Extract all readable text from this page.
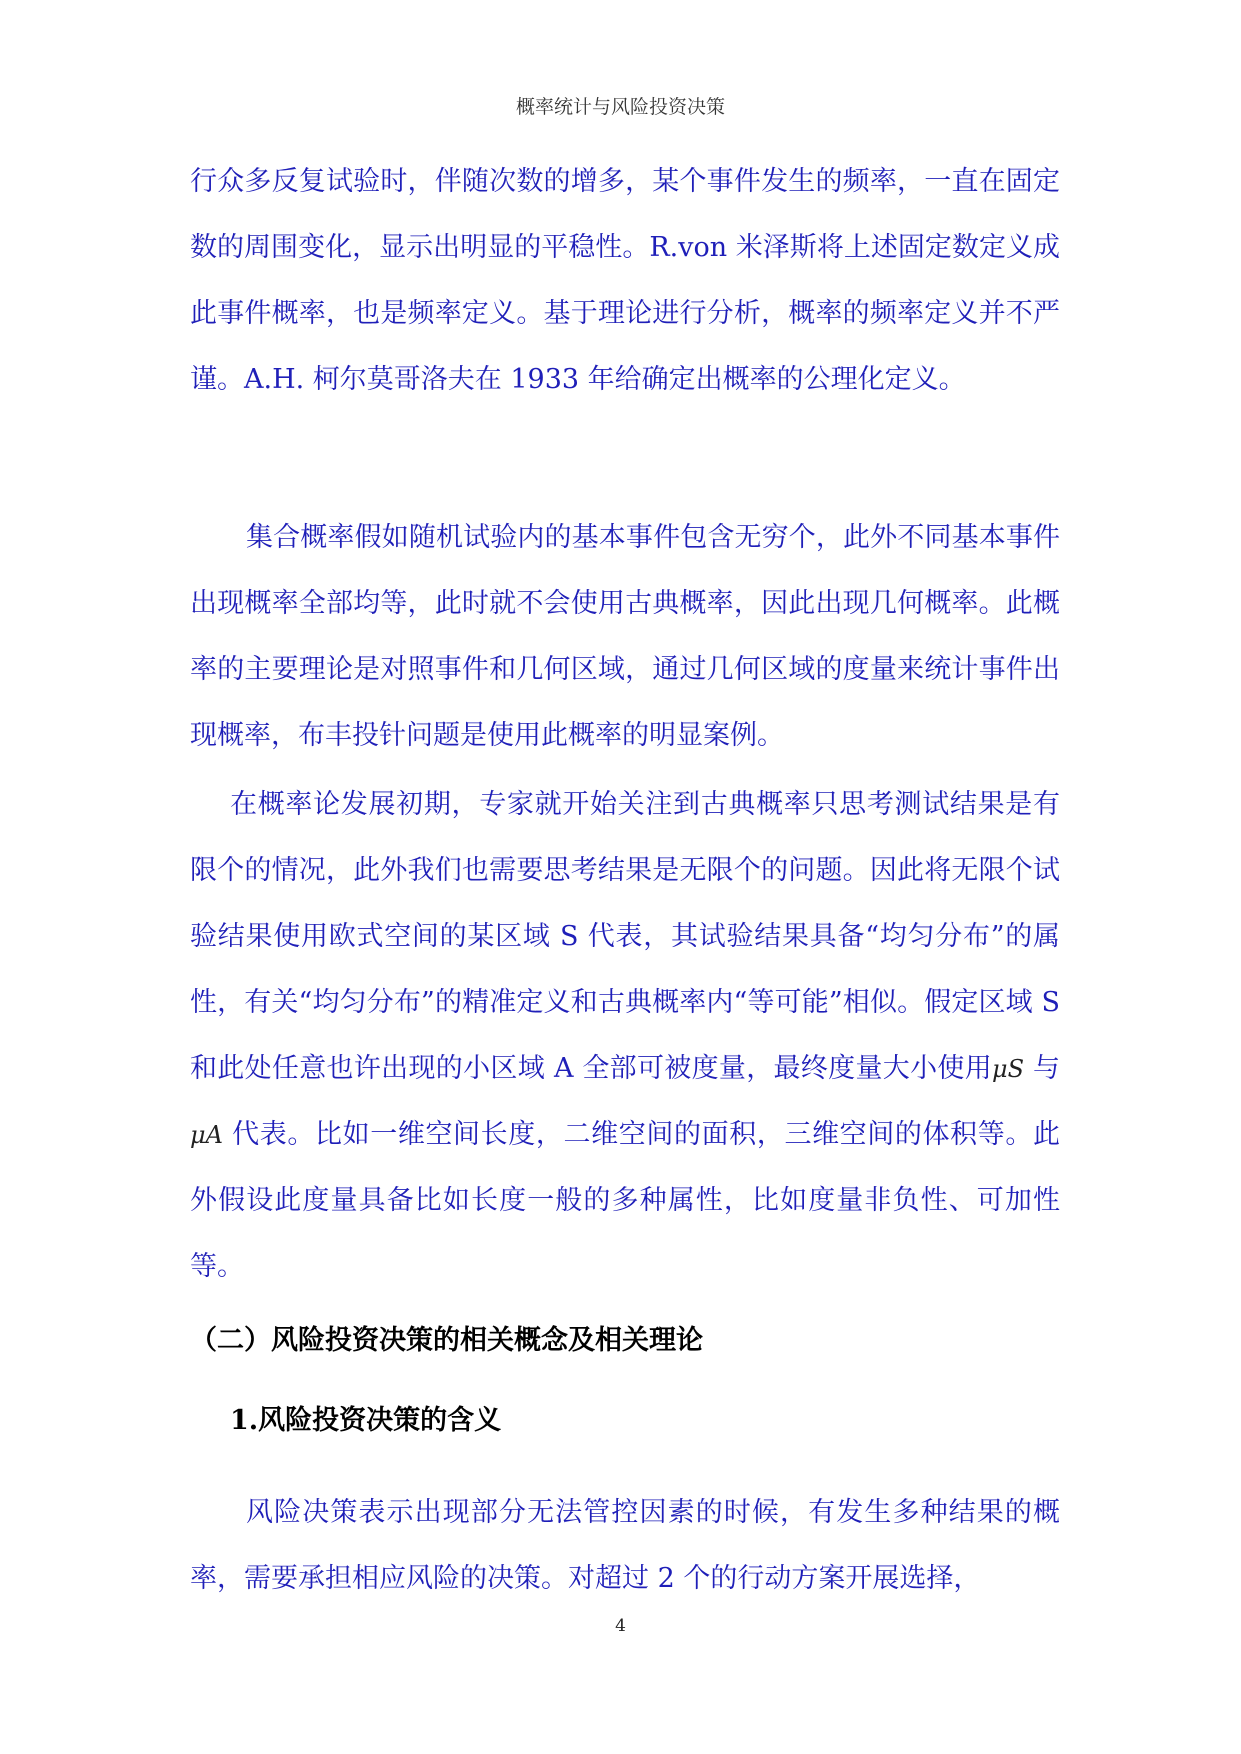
概率统计与风险投资决策

行众多反复试验时，伴随次数的增多，某个事件发生的频率，一直在固定数的周围变化，显示出明显的平稳性。R.von 米泽斯将上述固定数定义成此事件概率，也是频率定义。基于理论进行分析，概率的频率定义并不严谨。A.H. 柯尔莫哥洛夫在 1933 年给确定出概率的公理化定义。

集合概率假如随机试验内的基本事件包含无穷个，此外不同基本事件出现概率全部均等，此时就不会使用古典概率，因此出现几何概率。此概率的主要理论是对照事件和几何区域，通过几何区域的度量来统计事件出现概率，布丰投针问题是使用此概率的明显案例。

在概率论发展初期，专家就开始关注到古典概率只思考测试结果是有限个的情况，此外我们也需要思考结果是无限个的问题。因此将无限个试验结果使用欧式空间的某区域 S 代表，其试验结果具备“均匀分布”的属性，有关“均匀分布”的精准定义和古典概率内“等可能”相似。假定区域 S 和此处任意也许出现的小区域 A 全部可被度量，最终度量大小使用μS 与μA 代表。比如一维空间长度，二维空间的面积，三维空间的体积等。此外假设此度量具备比如长度一般的多种属性，比如度量非负性、可加性等。

（二）风险投资决策的相关概念及相关理论
1.风险投资决策的含义

风险决策表示出现部分无法管控因素的时候，有发生多种结果的概率，需要承担相应风险的决策。对超过 2 个的行动方案开展选择，

4
